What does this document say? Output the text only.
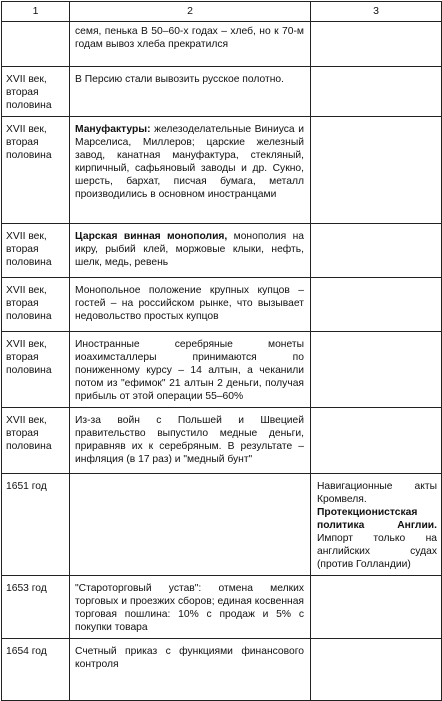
1	2	3
	семя, пенька В 50–60-х годах – хлеб, но к 70-м годам вывоз хлеба прекратился	
XVII век, вторая половина	В Персию стали вывозить русское полотно.	
XVII век, вторая половина	Мануфактуры: железоделательные Виниуса и Марселиса, Миллеров; царские железный завод, канатная мануфактура, стекляный, кирпичный, сафьяновый заводы и др. Сукно, шерсть, бархат, писчая бумага, металл производились в основном иностранцами	
XVII век, вторая половина	Царская винная монополия, монополия на икру, рыбий клей, моржовые клыки, нефть, шелк, медь, ревень	
XVII век, вторая половина	Монопольное положение крупных купцов – гостей – на российском рынке, что вызывает недовольство простых купцов	
XVII век, вторая половина	Иностранные серебряные монеты иоахимсталлеры принимаются по пониженному курсу – 14 алтын, а чеканили потом из "ефимок" 21 алтын 2 деньги, получая прибыль от этой операции 55–60%	
XVII век, вторая половина	Из-за войн с Польшей и Швецией правительство выпустило медные деньги, приравняв их к серебряным. В результате – инфляция (в 17 раз) и "медный бунт"	
1651 год		Навигационные акты Кромвеля. Протекционистская политика Англии. Импорт только на английских судах (против Голландии)
1653 год	"Староторговый устав": отмена мелких торговых и проезжих сборов; единая косвенная торговая пошлина: 10% с продаж и 5% с покупки товара	
1654 год	Счетный приказ с функциями финансового контроля	
